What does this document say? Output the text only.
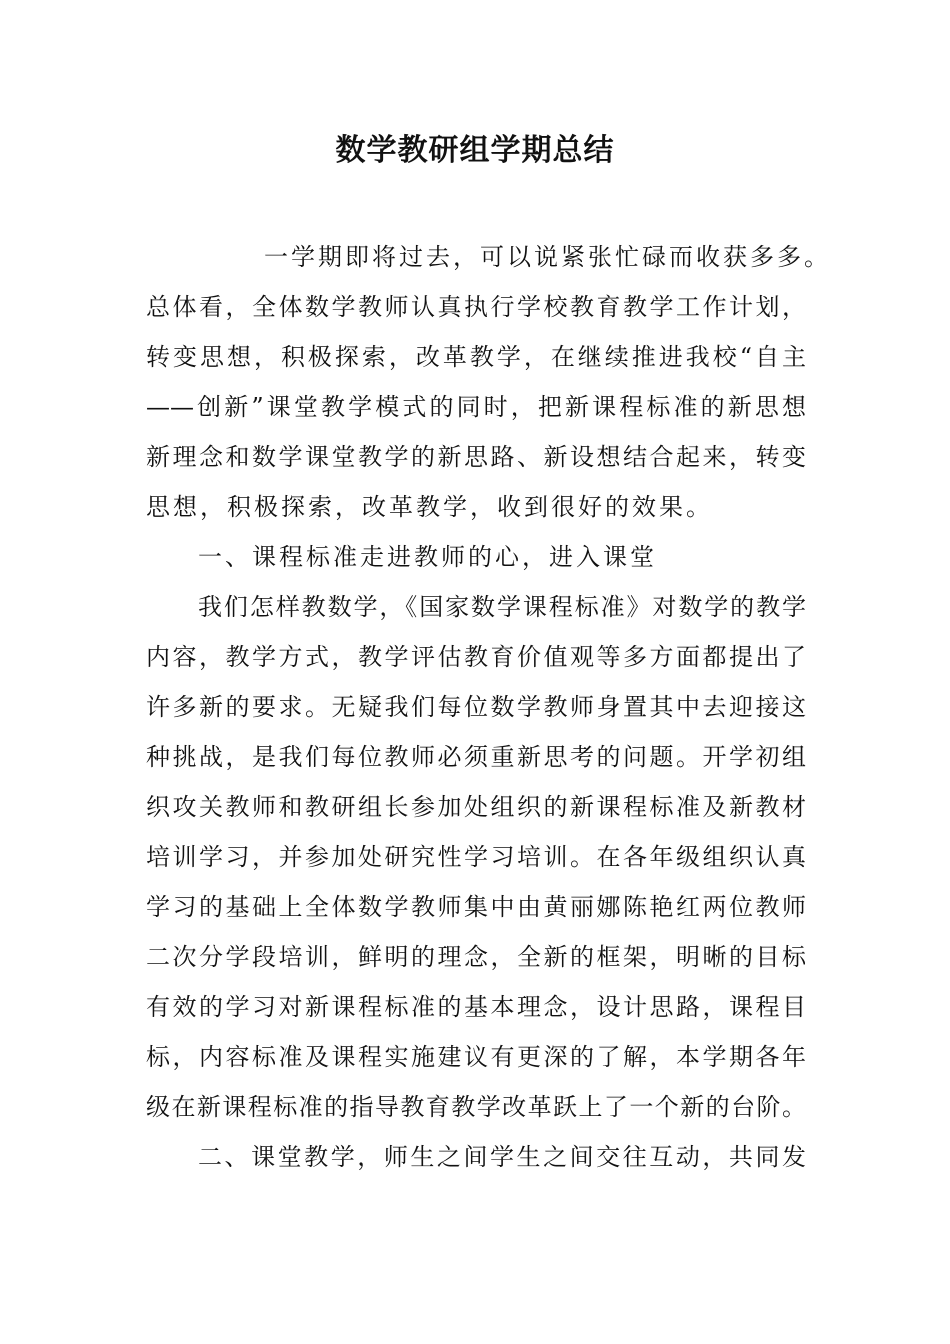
数学教研组学期总结
一学期即将过去，可以说紧张忙碌而收获多多。
总体看，全体数学教师认真执行学校教育教学工作计划，
转变思想，积极探索，改革教学，在继续推进我校“自主
——创新”课堂教学模式的同时，把新课程标准的新思想
新理念和数学课堂教学的新思路、新设想结合起来，转变
思想，积极探索，改革教学，收到很好的效果。
一、课程标准走进教师的心，进入课堂
我们怎样教数学，《国家数学课程标准》对数学的教学
内容，教学方式，教学评估教育价值观等多方面都提出了
许多新的要求。无疑我们每位数学教师身置其中去迎接这
种挑战，是我们每位教师必须重新思考的问题。开学初组
织攻关教师和教研组长参加处组织的新课程标准及新教材
培训学习，并参加处研究性学习培训。在各年级组织认真
学习的基础上全体数学教师集中由黄丽娜陈艳红两位教师
二次分学段培训，鲜明的理念，全新的框架，明晰的目标
有效的学习对新课程标准的基本理念，设计思路，课程目
标，内容标准及课程实施建议有更深的了解，本学期各年
级在新课程标准的指导教育教学改革跃上了一个新的台阶。
二、课堂教学，师生之间学生之间交往互动，共同发
